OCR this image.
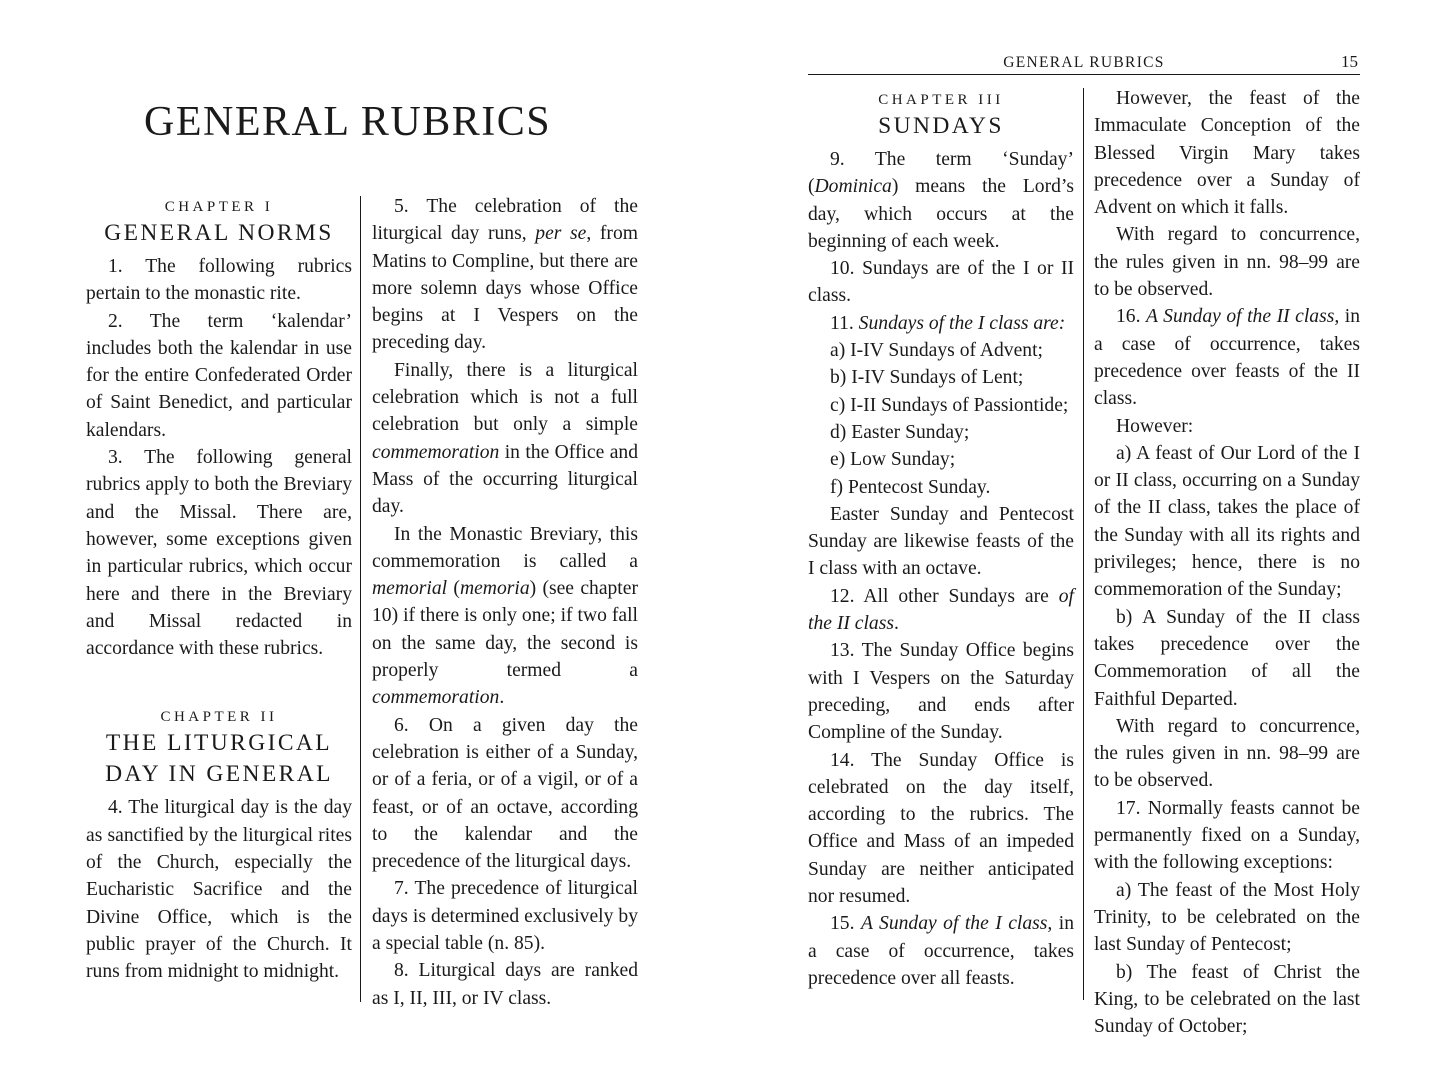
GENERAL RUBRICS
CHAPTER I
GENERAL NORMS

1. The following rubrics pertain to the monastic rite.

2. The term ‘kalendar’ includes both the kalendar in use for the entire Confederated Order of Saint Benedict, and particular kalendars.

3. The following general rubrics apply to both the Breviary and the Missal. There are, however, some exceptions given in particular rubrics, which occur here and there in the Breviary and Missal redacted in accordance with these rubrics.

CHAPTER II
THE LITURGICAL
DAY IN GENERAL

4. The liturgical day is the day as sanctified by the liturgical rites of the Church, especially the Eucharistic Sacrifice and the Divine Office, which is the public prayer of the Church. It runs from midnight to midnight.

5. The celebration of the liturgical day runs, per se, from Matins to Compline, but there are more solemn days whose Office begins at I Vespers on the preceding day.

Finally, there is a liturgical celebration which is not a full celebration but only a simple commemoration in the Office and Mass of the occurring liturgical day.

In the Monastic Breviary, this commemoration is called a memorial (memoria) (see chapter 10) if there is only one; if two fall on the same day, the second is properly termed a commemoration.

6. On a given day the celebration is either of a Sunday, or of a feria, or of a vigil, or of a feast, or of an octave, according to the kalendar and the precedence of the liturgical days.

7. The precedence of liturgical days is determined exclusively by a special table (n. 85).

8. Liturgical days are ranked as I, II, III, or IV class.

GENERAL RUBRICS	15
CHAPTER III
SUNDAYS

9. The term ‘Sunday’ (Dominica) means the Lord’s day, which occurs at the beginning of each week.

10. Sundays are of the I or II class.

11. Sundays of the I class are:

a) I-IV Sundays of Advent;

b) I-IV Sundays of Lent;

c) I-II Sundays of Passiontide;

d) Easter Sunday;

e) Low Sunday;

f) Pentecost Sunday.

Easter Sunday and Pentecost Sunday are likewise feasts of the I class with an octave.

12. All other Sundays are of the II class.

13. The Sunday Office begins with I Vespers on the Saturday preceding, and ends after Compline of the Sunday.

14. The Sunday Office is celebrated on the day itself, according to the rubrics. The Office and Mass of an impeded Sunday are neither anticipated nor resumed.

15. A Sunday of the I class, in a case of occurrence, takes precedence over all feasts.

However, the feast of the Immaculate Conception of the Blessed Virgin Mary takes precedence over a Sunday of Advent on which it falls.

With regard to concurrence, the rules given in nn. 98–99 are to be observed.

16. A Sunday of the II class, in a case of occurrence, takes precedence over feasts of the II class.

However:

a) A feast of Our Lord of the I or II class, occurring on a Sunday of the II class, takes the place of the Sunday with all its rights and privileges; hence, there is no commemoration of the Sunday;

b) A Sunday of the II class takes precedence over the Commemoration of all the Faithful Departed.

With regard to concurrence, the rules given in nn. 98–99 are to be observed.

17. Normally feasts cannot be permanently fixed on a Sunday, with the following exceptions:

a) The feast of the Most Holy Trinity, to be celebrated on the last Sunday of Pentecost;

b) The feast of Christ the King, to be celebrated on the last Sunday of October;
